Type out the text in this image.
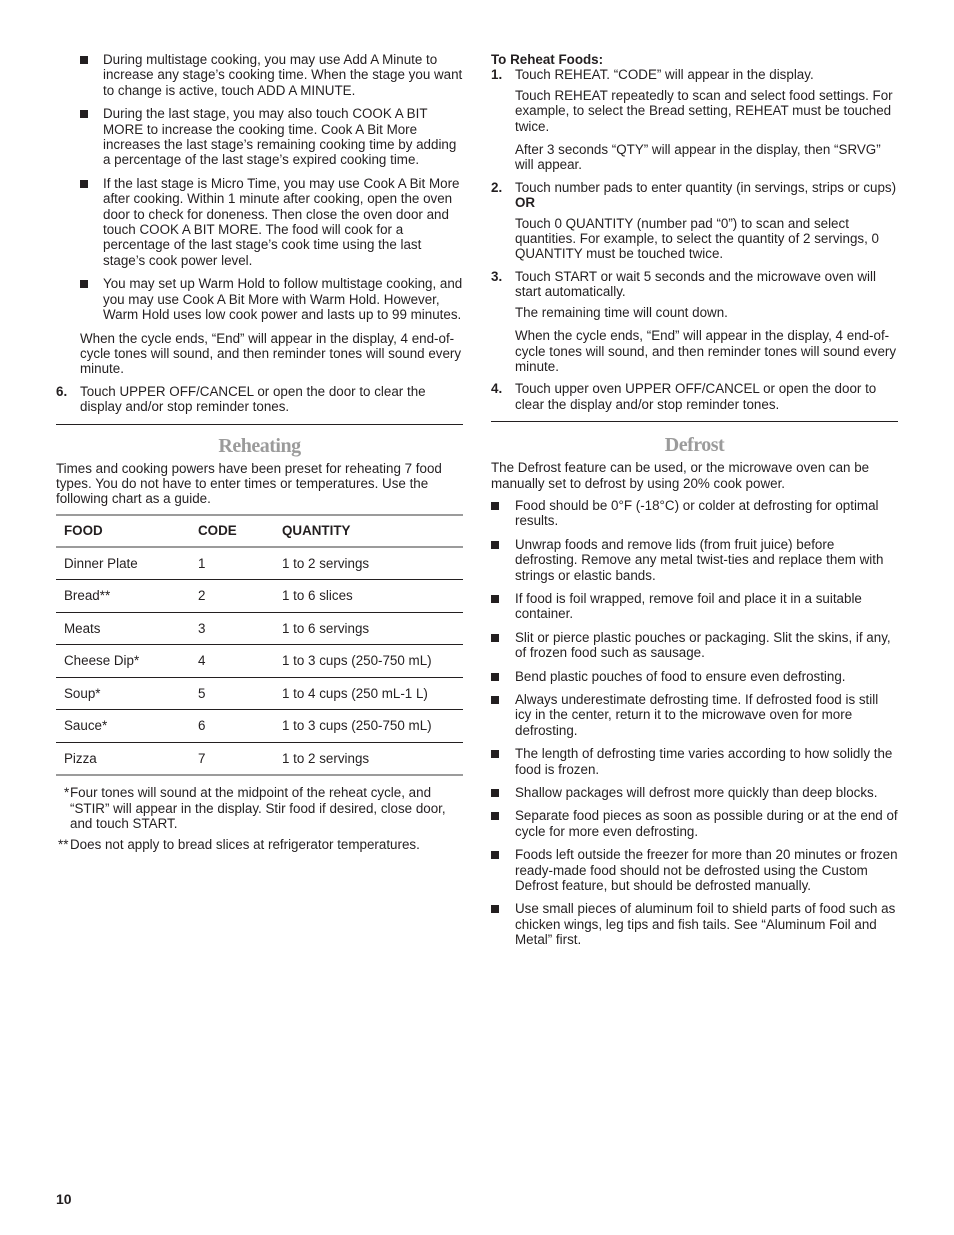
During multistage cooking, you may use Add A Minute to increase any stage’s cooking time. When the stage you want to change is active, touch ADD A MINUTE.
During the last stage, you may also touch COOK A BIT MORE to increase the cooking time. Cook A Bit More increases the last stage’s remaining cooking time by adding a percentage of the last stage’s expired cooking time.
If the last stage is Micro Time, you may use Cook A Bit More after cooking. Within 1 minute after cooking, open the oven door to check for doneness. Then close the oven door and touch COOK A BIT MORE. The food will cook for a percentage of the last stage’s cook time using the last stage’s cook power level.
You may set up Warm Hold to follow multistage cooking, and you may use Cook A Bit More with Warm Hold. However, Warm Hold uses low cook power and lasts up to 99 minutes.

When the cycle ends, “End” will appear in the display, 4 end-of-cycle tones will sound, and then reminder tones will sound every minute.

6. Touch UPPER OFF/CANCEL or open the door to clear the display and/or stop reminder tones.
Reheating

Times and cooking powers have been preset for reheating 7 food types. You do not have to enter times or temperatures. Use the following chart as a guide.

FOOD	CODE	QUANTITY
Dinner Plate	1	1 to 2 servings
Bread**	2	1 to 6 slices
Meats	3	1 to 6 servings
Cheese Dip*	4	1 to 3 cups (250-750 mL)
Soup*	5	1 to 4 cups (250 mL-1 L)
Sauce*	6	1 to 3 cups (250-750 mL)
Pizza	7	1 to 2 servings
* Four tones will sound at the midpoint of the reheat cycle, and “STIR” will appear in the display. Stir food if desired, close door, and touch START.
** Does not apply to bread slices at refrigerator temperatures.
To Reheat Foods:
1. Touch REHEAT. “CODE” will appear in the display.
Touch REHEAT repeatedly to scan and select food settings. For example, to select the Bread setting, REHEAT must be touched twice.
After 3 seconds “QTY” will appear in the display, then “SRVG” will appear.
2. Touch number pads to enter quantity (in servings, strips or cups)
OR
Touch 0 QUANTITY (number pad “0”) to scan and select quantities. For example, to select the quantity of 2 servings, 0 QUANTITY must be touched twice.
3. Touch START or wait 5 seconds and the microwave oven will start automatically.
The remaining time will count down.
When the cycle ends, “End” will appear in the display, 4 end-of-cycle tones will sound, and then reminder tones will sound every minute.
4. Touch upper oven UPPER OFF/CANCEL or open the door to clear the display and/or stop reminder tones.
Defrost

The Defrost feature can be used, or the microwave oven can be manually set to defrost by using 20% cook power.

Food should be 0°F (-18°C) or colder at defrosting for optimal results.
Unwrap foods and remove lids (from fruit juice) before defrosting. Remove any metal twist-ties and replace them with strings or elastic bands.
If food is foil wrapped, remove foil and place it in a suitable container.
Slit or pierce plastic pouches or packaging. Slit the skins, if any, of frozen food such as sausage.
Bend plastic pouches of food to ensure even defrosting.
Always underestimate defrosting time. If defrosted food is still icy in the center, return it to the microwave oven for more defrosting.
The length of defrosting time varies according to how solidly the food is frozen.
Shallow packages will defrost more quickly than deep blocks.
Separate food pieces as soon as possible during or at the end of cycle for more even defrosting.
Foods left outside the freezer for more than 20 minutes or frozen ready-made food should not be defrosted using the Custom Defrost feature, but should be defrosted manually.
Use small pieces of aluminum foil to shield parts of food such as chicken wings, leg tips and fish tails. See “Aluminum Foil and Metal” first.
10
